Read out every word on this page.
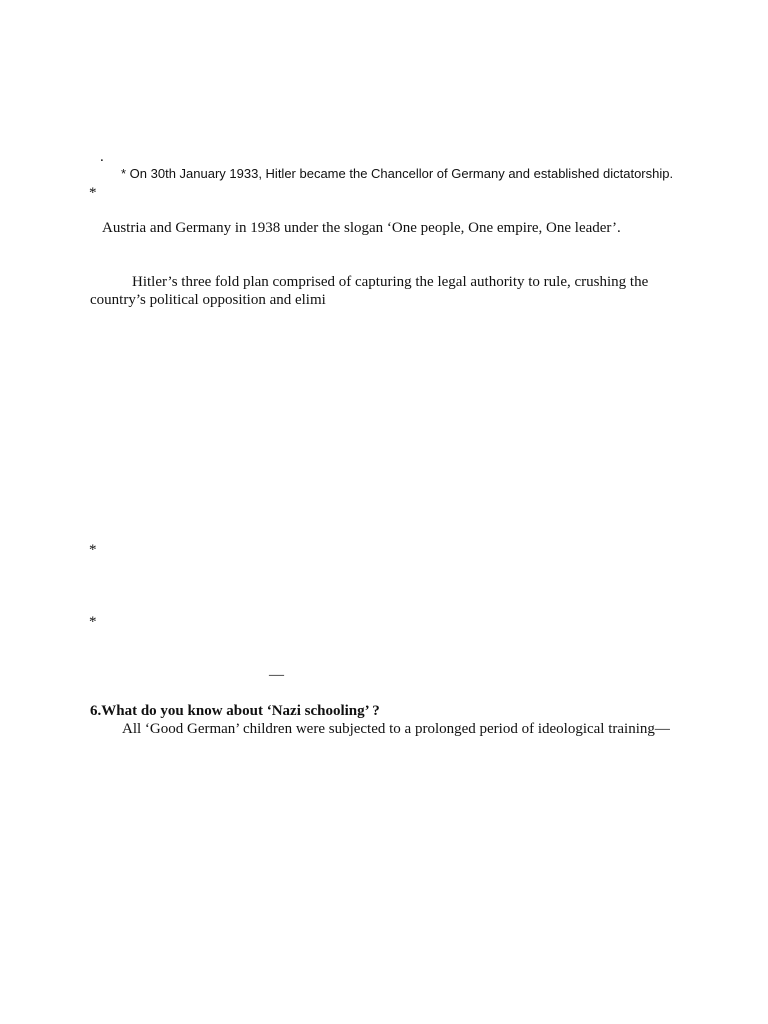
.
* On 30th January 1933, Hitler became the Chancellor of Germany and established dictatorship.
*
Austria and Germany in 1938 under the slogan ‘One people, One empire, One leader’.
Hitler’s three fold plan comprised of capturing the legal authority to rule, crushing the
country’s political opposition and elimi
*
*
—
6.What do you know about ‘Nazi schooling’ ?
All ‘Good German’ children were subjected to a prolonged period of ideological training—
